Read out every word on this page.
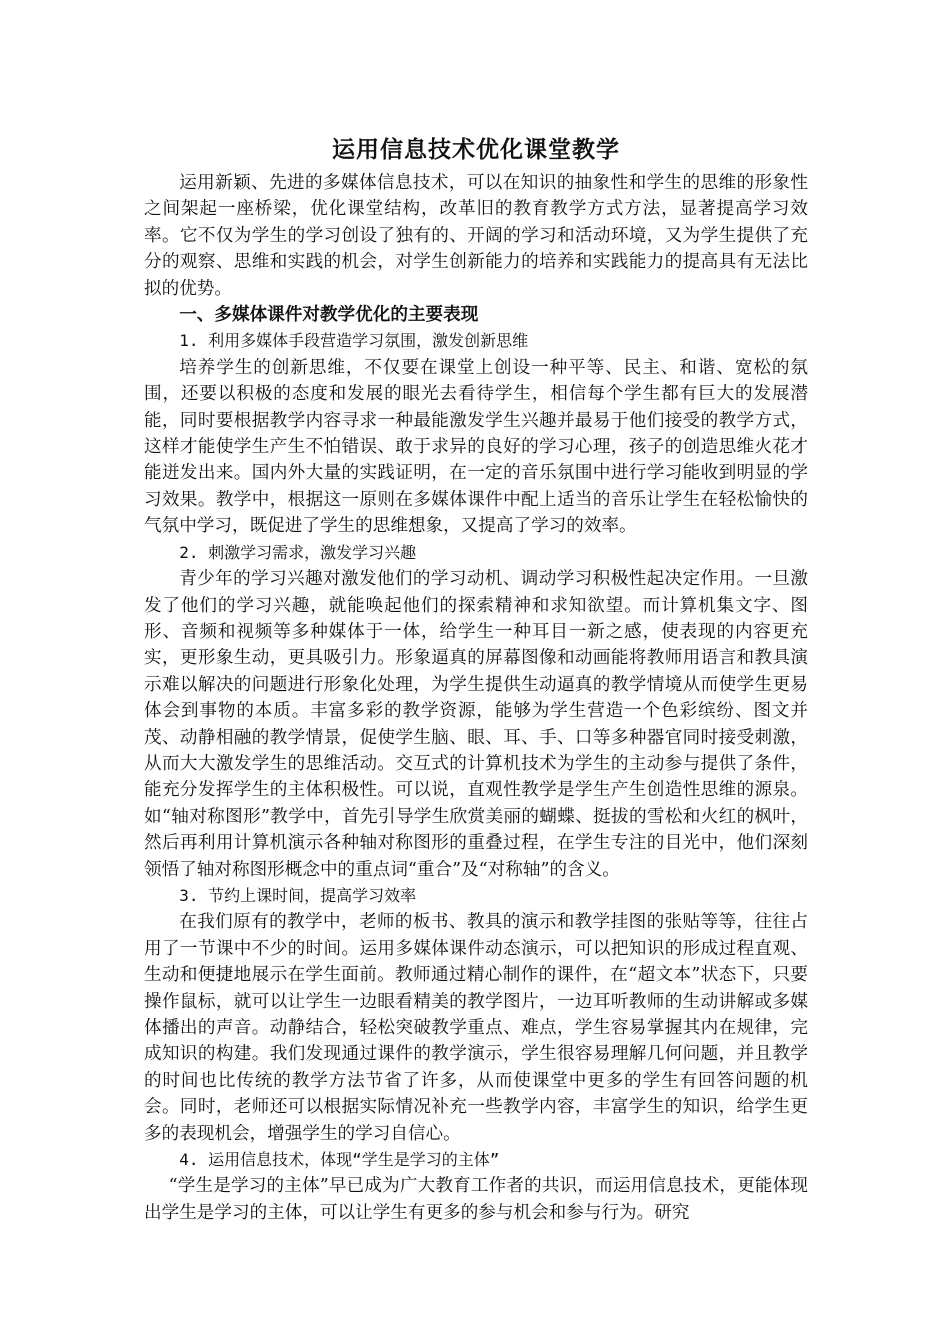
运用信息技术优化课堂教学

运用新颖、先进的多媒体信息技术，可以在知识的抽象性和学生的思维的形象性之间架起一座桥梁，优化课堂结构，改革旧的教育教学方式方法，显著提高学习效率。它不仅为学生的学习创设了独有的、开阔的学习和活动环境，又为学生提供了充分的观察、思维和实践的机会，对学生创新能力的培养和实践能力的提高具有无法比拟的优势。

一、多媒体课件对教学优化的主要表现

1. 利用多媒体手段营造学习氛围，激发创新思维

培养学生的创新思维，不仅要在课堂上创设一种平等、民主、和谐、宽松的氛围，还要以积极的态度和发展的眼光去看待学生，相信每个学生都有巨大的发展潜能，同时要根据教学内容寻求一种最能激发学生兴趣并最易于他们接受的教学方式，这样才能使学生产生不怕错误、敢于求异的良好的学习心理，孩子的创造思维火花才能迸发出来。国内外大量的实践证明，在一定的音乐氛围中进行学习能收到明显的学习效果。教学中，根据这一原则在多媒体课件中配上适当的音乐让学生在轻松愉快的气氛中学习，既促进了学生的思维想象，又提高了学习的效率。

2. 刺激学习需求，激发学习兴趣

青少年的学习兴趣对激发他们的学习动机、调动学习积极性起决定作用。一旦激发了他们的学习兴趣，就能唤起他们的探索精神和求知欲望。而计算机集文字、图形、音频和视频等多种媒体于一体，给学生一种耳目一新之感，使表现的内容更充实，更形象生动，更具吸引力。形象逼真的屏幕图像和动画能将教师用语言和教具演示难以解决的问题进行形象化处理，为学生提供生动逼真的教学情境从而使学生更易体会到事物的本质。丰富多彩的教学资源，能够为学生营造一个色彩缤纷、图文并茂、动静相融的教学情景，促使学生脑、眼、耳、手、口等多种器官同时接受刺激，从而大大激发学生的思维活动。交互式的计算机技术为学生的主动参与提供了条件，能充分发挥学生的主体积极性。可以说，直观性教学是学生产生创造性思维的源泉。如“轴对称图形”教学中，首先引导学生欣赏美丽的蝴蝶、挺拔的雪松和火红的枫叶，然后再利用计算机演示各种轴对称图形的重叠过程，在学生专注的目光中，他们深刻领悟了轴对称图形概念中的重点词“重合”及“对称轴”的含义。

3. 节约上课时间，提高学习效率

在我们原有的教学中，老师的板书、教具的演示和教学挂图的张贴等等，往往占用了一节课中不少的时间。运用多媒体课件动态演示，可以把知识的形成过程直观、生动和便捷地展示在学生面前。教师通过精心制作的课件，在“超文本”状态下，只要操作鼠标，就可以让学生一边眼看精美的教学图片，一边耳听教师的生动讲解或多媒体播出的声音。动静结合，轻松突破教学重点、难点，学生容易掌握其内在规律，完成知识的构建。我们发现通过课件的教学演示，学生很容易理解几何问题，并且教学的时间也比传统的教学方法节省了许多，从而使课堂中更多的学生有回答问题的机会。同时，老师还可以根据实际情况补充一些教学内容，丰富学生的知识，给学生更多的表现机会，增强学生的学习自信心。

4. 运用信息技术，体现“学生是学习的主体”

“学生是学习的主体”早已成为广大教育工作者的共识，而运用信息技术，更能体现出学生是学习的主体，可以让学生有更多的参与机会和参与行为。研究
